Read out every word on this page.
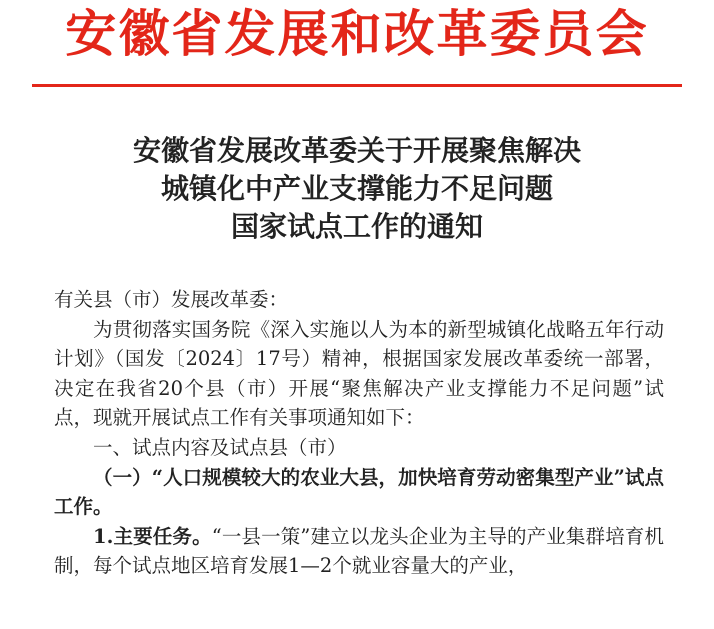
安徽省发展和改革委员会
安徽省发展改革委关于开展聚焦解决
城镇化中产业支撑能力不足问题
国家试点工作的通知

有关县（市）发展改革委：

为贯彻落实国务院《深入实施以人为本的新型城镇化战略五年行动计划》（国发〔2024〕17号）精神，根据国家发展改革委统一部署，决定在我省20个县（市）开展“聚焦解决产业支撑能力不足问题”试点，现就开展试点工作有关事项通知如下：

一、试点内容及试点县（市）

（一）“人口规模较大的农业大县，加快培育劳动密集型产业”试点工作。

1.主要任务。“一县一策”建立以龙头企业为主导的产业集群培育机制，每个试点地区培育发展1—2个就业容量大的产业，
